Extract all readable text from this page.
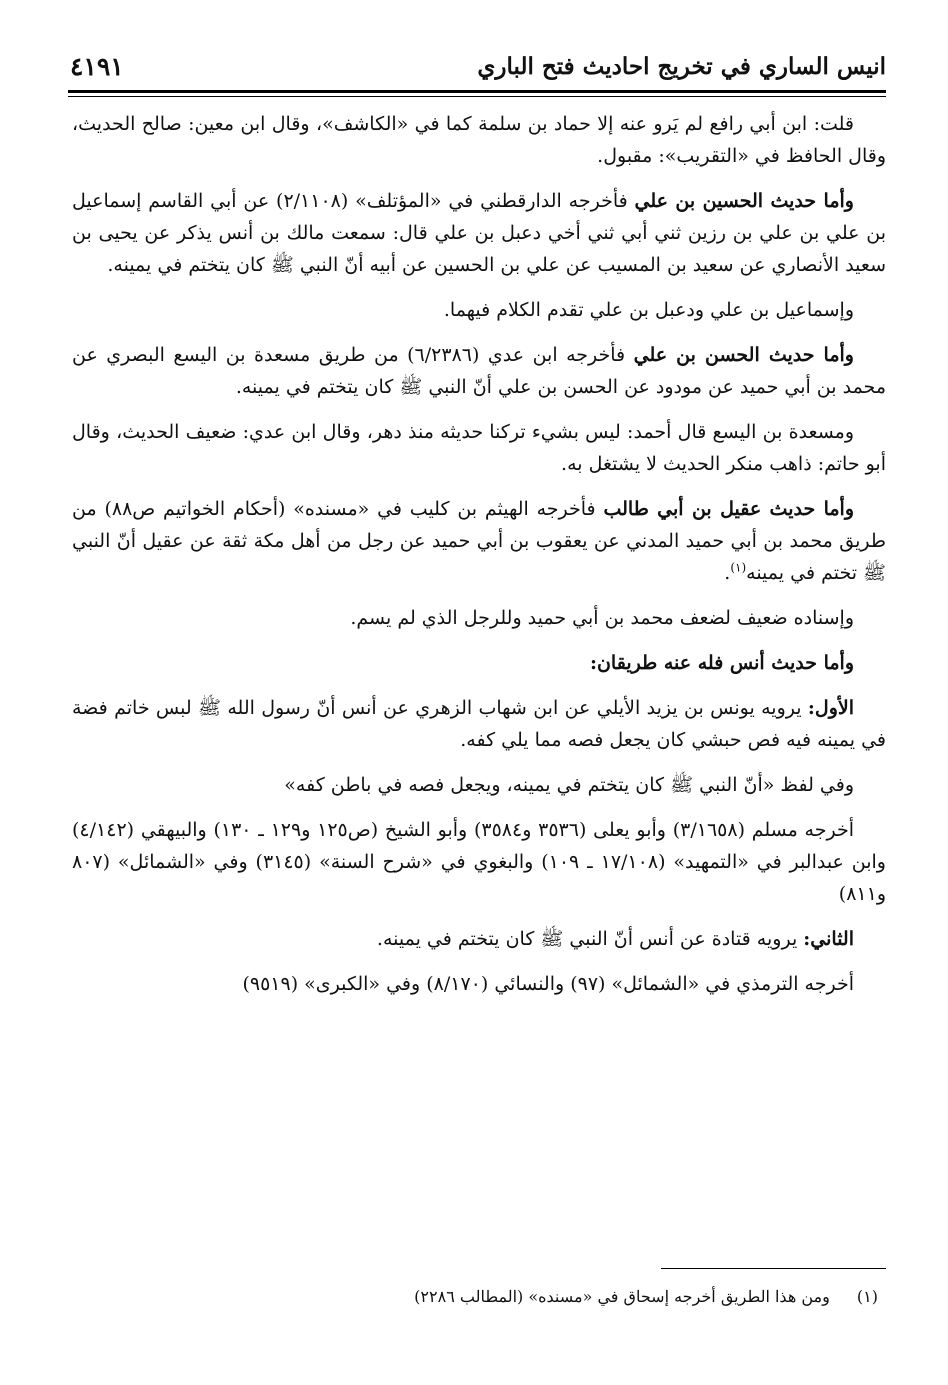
انيس الساري في تخريج احاديث فتح الباري
٤١٩١

قلت: ابن أبي رافع لم يَرو عنه إلا حماد بن سلمة كما في «الكاشف»، وقال ابن معين: صالح الحديث، وقال الحافظ في «التقريب»: مقبول.

وأما حديث الحسين بن علي فأخرجه الدارقطني في «المؤتلف» (٢/١١٠٨) عن أبي القاسم إسماعيل بن علي بن علي بن رزين ثني أبي ثني أخي دعبل بن علي قال: سمعت مالك بن أنس يذكر عن يحيى بن سعيد الأنصاري عن سعيد بن المسيب عن علي بن الحسين عن أبيه أنّ النبي ﷺ كان يتختم في يمينه.

وإسماعيل بن علي ودعبل بن علي تقدم الكلام فيهما.

وأما حديث الحسن بن علي فأخرجه ابن عدي (٦/٢٣٨٦) من طريق مسعدة بن اليسع البصري عن محمد بن أبي حميد عن مودود عن الحسن بن علي أنّ النبي ﷺ كان يتختم في يمينه.

ومسعدة بن اليسع قال أحمد: ليس بشيء تركنا حديثه منذ دهر، وقال ابن عدي: ضعيف الحديث، وقال أبو حاتم: ذاهب منكر الحديث لا يشتغل به.

وأما حديث عقيل بن أبي طالب فأخرجه الهيثم بن كليب في «مسنده» (أحكام الخواتيم ص٨٨) من طريق محمد بن أبي حميد المدني عن يعقوب بن أبي حميد عن رجل من أهل مكة ثقة عن عقيل أنّ النبي ﷺ تختم في يمينه$^{(١)}$.

وإسناده ضعيف لضعف محمد بن أبي حميد وللرجل الذي لم يسم.

وأما حديث أنس فله عنه طريقان:

الأول: يرويه يونس بن يزيد الأيلي عن ابن شهاب الزهري عن أنس أنّ رسول الله ﷺ لبس خاتم فضة في يمينه فيه فص حبشي كان يجعل فصه مما يلي كفه.

وفي لفظ «أنّ النبي ﷺ كان يتختم في يمينه، ويجعل فصه في باطن كفه»

أخرجه مسلم (٣/١٦٥٨) وأبو يعلى (٣٥٣٦ و٣٥٨٤) وأبو الشيخ (ص١٢٥ و١٢٩ ـ ١٣٠) والبيهقي (٤/١٤٢) وابن عبدالبر في «التمهيد» (١٧/١٠٨ ـ ١٠٩) والبغوي في «شرح السنة» (٣١٤٥) وفي «الشمائل» (٨٠٧ و٨١١)

الثاني: يرويه قتادة عن أنس أنّ النبي ﷺ كان يتختم في يمينه.

أخرجه الترمذي في «الشمائل» (٩٧) والنسائي (٨/١٧٠) وفي «الكبرى» (٩٥١٩)

(١) ومن هذا الطريق أخرجه إسحاق في «مسنده» (المطالب ٢٢٨٦)
